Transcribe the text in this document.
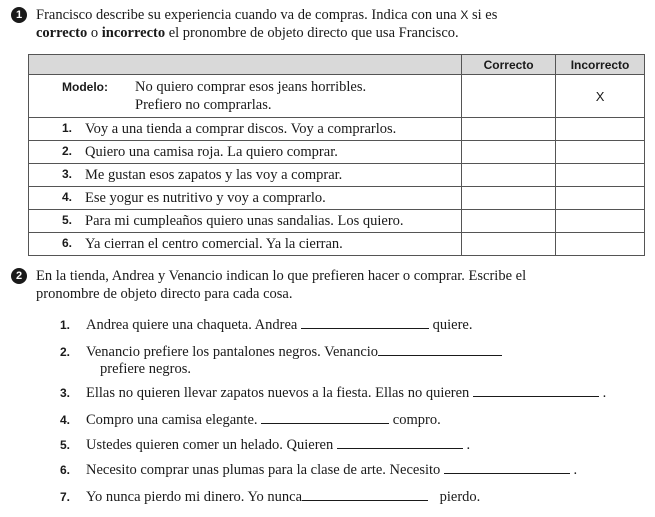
1 Francisco describe su experiencia cuando va de compras. Indica con una X si es
correcto o incorrecto el pronombre de objeto directo que usa Francisco.
	Correcto	Incorrecto

Modelo: No quiero comprar esos jeans horribles.
Prefiero no comprarlas.		X

1. Voy a una tienda a comprar discos. Voy a comprarlos.		

2. Quiero una camisa roja. La quiero comprar.		

3. Me gustan esos zapatos y las voy a comprar.		

4. Ese yogur es nutritivo y voy a comprarlo.		

5. Para mi cumpleaños quiero unas sandalias. Los quiero.		

6. Ya cierran el centro comercial. Ya la cierran.		
2 En la tienda, Andrea y Venancio indican lo que prefieren hacer o comprar. Escribe el
pronombre de objeto directo para cada cosa.
1. Andrea quiere una chaqueta. Andrea	quiere.
2. Venancio prefiere los pantalones negros. Venancio
prefiere negros.
3. Ellas no quieren llevar zapatos nuevos a la fiesta. Ellas no quieren	.
4. Compro una camisa elegante.	compro.
5. Ustedes quieren comer un helado. Quieren	.
6. Necesito comprar unas plumas para la clase de arte. Necesito	.
7. Yo nunca pierdo mi dinero. Yo nunca	pierdo.
